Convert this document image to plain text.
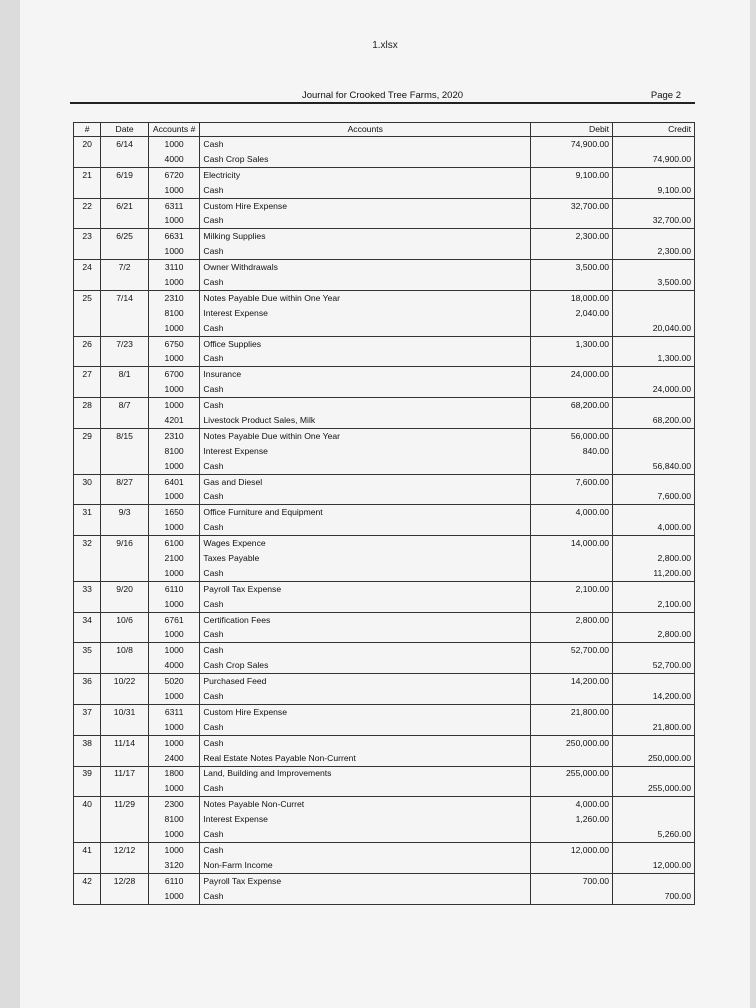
1.xlsx
Journal for Crooked Tree Farms, 2020	Page 2
#	Date	Accounts #	Accounts	Debit	Credit
20	6/14	1000	Cash	74,900.00	
		4000	Cash Crop Sales		74,900.00
21	6/19	6720	Electricity	9,100.00	
		1000	Cash		9,100.00
22	6/21	6311	Custom Hire Expense	32,700.00	
		1000	Cash		32,700.00
23	6/25	6631	Milking Supplies	2,300.00	
		1000	Cash		2,300.00
24	7/2	3110	Owner Withdrawals	3,500.00	
		1000	Cash		3,500.00
25	7/14	2310	Notes Payable Due within One Year	18,000.00	
		8100	Interest Expense	2,040.00	
		1000	Cash		20,040.00
26	7/23	6750	Office Supplies	1,300.00	
		1000	Cash		1,300.00
27	8/1	6700	Insurance	24,000.00	
		1000	Cash		24,000.00
28	8/7	1000	Cash	68,200.00	
		4201	Livestock Product Sales, Milk		68,200.00
29	8/15	2310	Notes Payable Due within One Year	56,000.00	
		8100	Interest Expense	840.00	
		1000	Cash		56,840.00
30	8/27	6401	Gas and Diesel	7,600.00	
		1000	Cash		7,600.00
31	9/3	1650	Office Furniture and Equipment	4,000.00	
		1000	Cash		4,000.00
32	9/16	6100	Wages Expence	14,000.00	
		2100	Taxes Payable		2,800.00
		1000	Cash		11,200.00
33	9/20	6110	Payroll Tax Expense	2,100.00	
		1000	Cash		2,100.00
34	10/6	6761	Certification Fees	2,800.00	
		1000	Cash		2,800.00
35	10/8	1000	Cash	52,700.00	
		4000	Cash Crop Sales		52,700.00
36	10/22	5020	Purchased Feed	14,200.00	
		1000	Cash		14,200.00
37	10/31	6311	Custom Hire Expense	21,800.00	
		1000	Cash		21,800.00
38	11/14	1000	Cash	250,000.00	
		2400	Real Estate Notes Payable Non-Current		250,000.00
39	11/17	1800	Land, Building and Improvements	255,000.00	
		1000	Cash		255,000.00
40	11/29	2300	Notes Payable Non-Curret	4,000.00	
		8100	Interest Expense	1,260.00	
		1000	Cash		5,260.00
41	12/12	1000	Cash	12,000.00	
		3120	Non-Farm Income		12,000.00
42	12/28	6110	Payroll Tax Expense	700.00	
		1000	Cash		700.00
